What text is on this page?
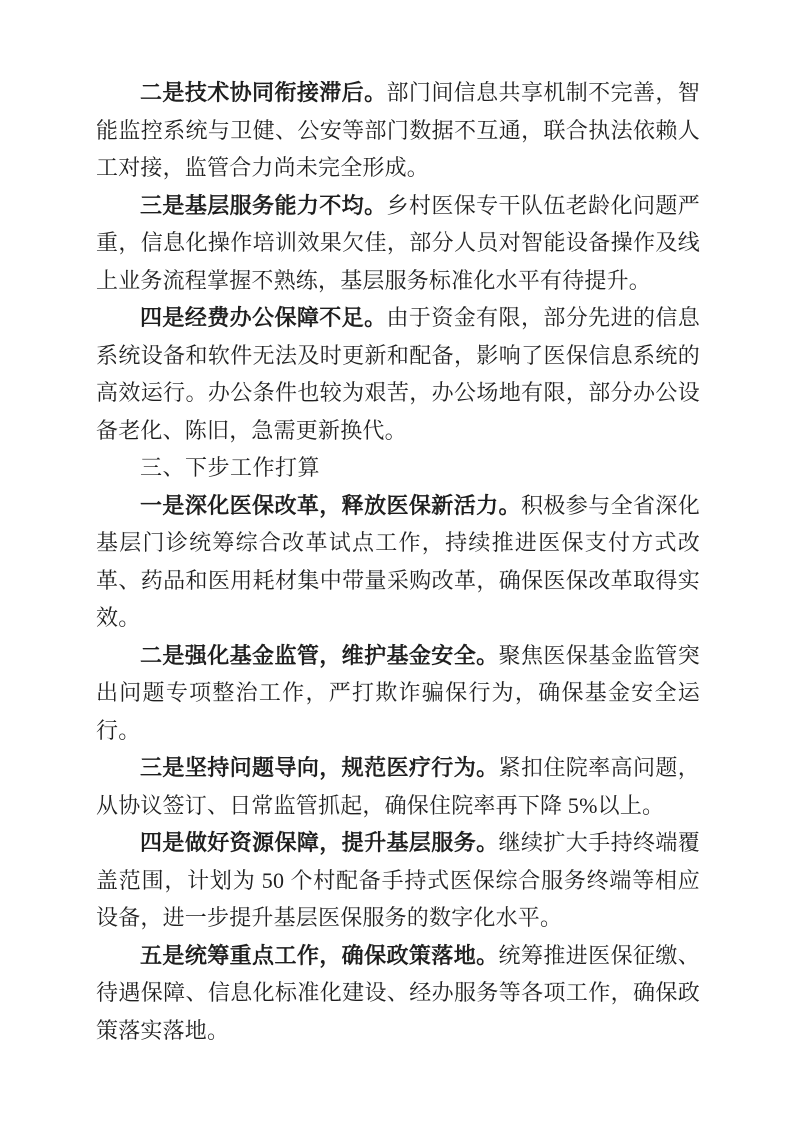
二是技术协同衔接滞后。部门间信息共享机制不完善，智能监控系统与卫健、公安等部门数据不互通，联合执法依赖人工对接，监管合力尚未完全形成。

三是基层服务能力不均。乡村医保专干队伍老龄化问题严重，信息化操作培训效果欠佳，部分人员对智能设备操作及线上业务流程掌握不熟练，基层服务标准化水平有待提升。

四是经费办公保障不足。由于资金有限，部分先进的信息系统设备和软件无法及时更新和配备，影响了医保信息系统的高效运行。办公条件也较为艰苦，办公场地有限，部分办公设备老化、陈旧，急需更新换代。

三、下步工作打算

一是深化医保改革，释放医保新活力。积极参与全省深化基层门诊统筹综合改革试点工作，持续推进医保支付方式改革、药品和医用耗材集中带量采购改革，确保医保改革取得实效。

二是强化基金监管，维护基金安全。聚焦医保基金监管突出问题专项整治工作，严打欺诈骗保行为，确保基金安全运行。

三是坚持问题导向，规范医疗行为。紧扣住院率高问题，从协议签订、日常监管抓起，确保住院率再下降 5%以上。

四是做好资源保障，提升基层服务。继续扩大手持终端覆盖范围，计划为 50 个村配备手持式医保综合服务终端等相应设备，进一步提升基层医保服务的数字化水平。

五是统筹重点工作，确保政策落地。统筹推进医保征缴、待遇保障、信息化标准化建设、经办服务等各项工作，确保政策落实落地。
